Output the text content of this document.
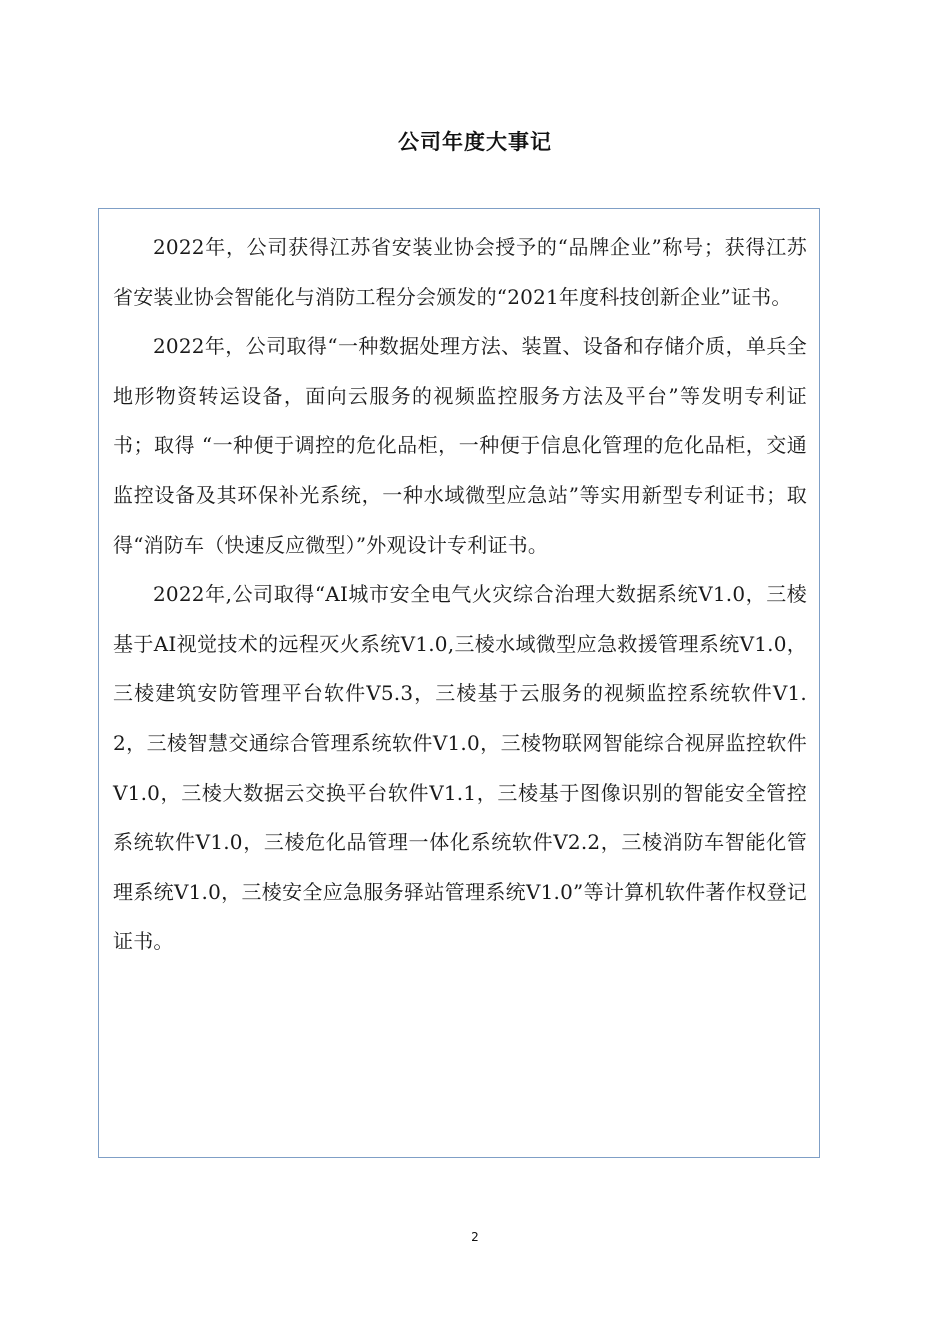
公司年度大事记

2022年，公司获得江苏省安装业协会授予的“品牌企业”称号；获得江苏省安装业协会智能化与消防工程分会颁发的“2021年度科技创新企业”证书。

2022年，公司取得“一种数据处理方法、装置、设备和存储介质，单兵全地形物资转运设备，面向云服务的视频监控服务方法及平台”等发明专利证书；取得 “一种便于调控的危化品柜，一种便于信息化管理的危化品柜，交通监控设备及其环保补光系统，一种水域微型应急站”等实用新型专利证书；取得“消防车（快速反应微型）”外观设计专利证书。

2022年,公司取得“AI城市安全电气火灾综合治理大数据系统V1.0，三棱基于AI视觉技术的远程灭火系统V1.0,三棱水域微型应急救援管理系统V1.0，三棱建筑安防管理平台软件V5.3，三棱基于云服务的视频监控系统软件V1.2，三棱智慧交通综合管理系统软件V1.0，三棱物联网智能综合视屏监控软件V1.0，三棱大数据云交换平台软件V1.1，三棱基于图像识别的智能安全管控系统软件V1.0，三棱危化品管理一体化系统软件V2.2，三棱消防车智能化管理系统V1.0，三棱安全应急服务驿站管理系统V1.0”等计算机软件著作权登记证书。

2
